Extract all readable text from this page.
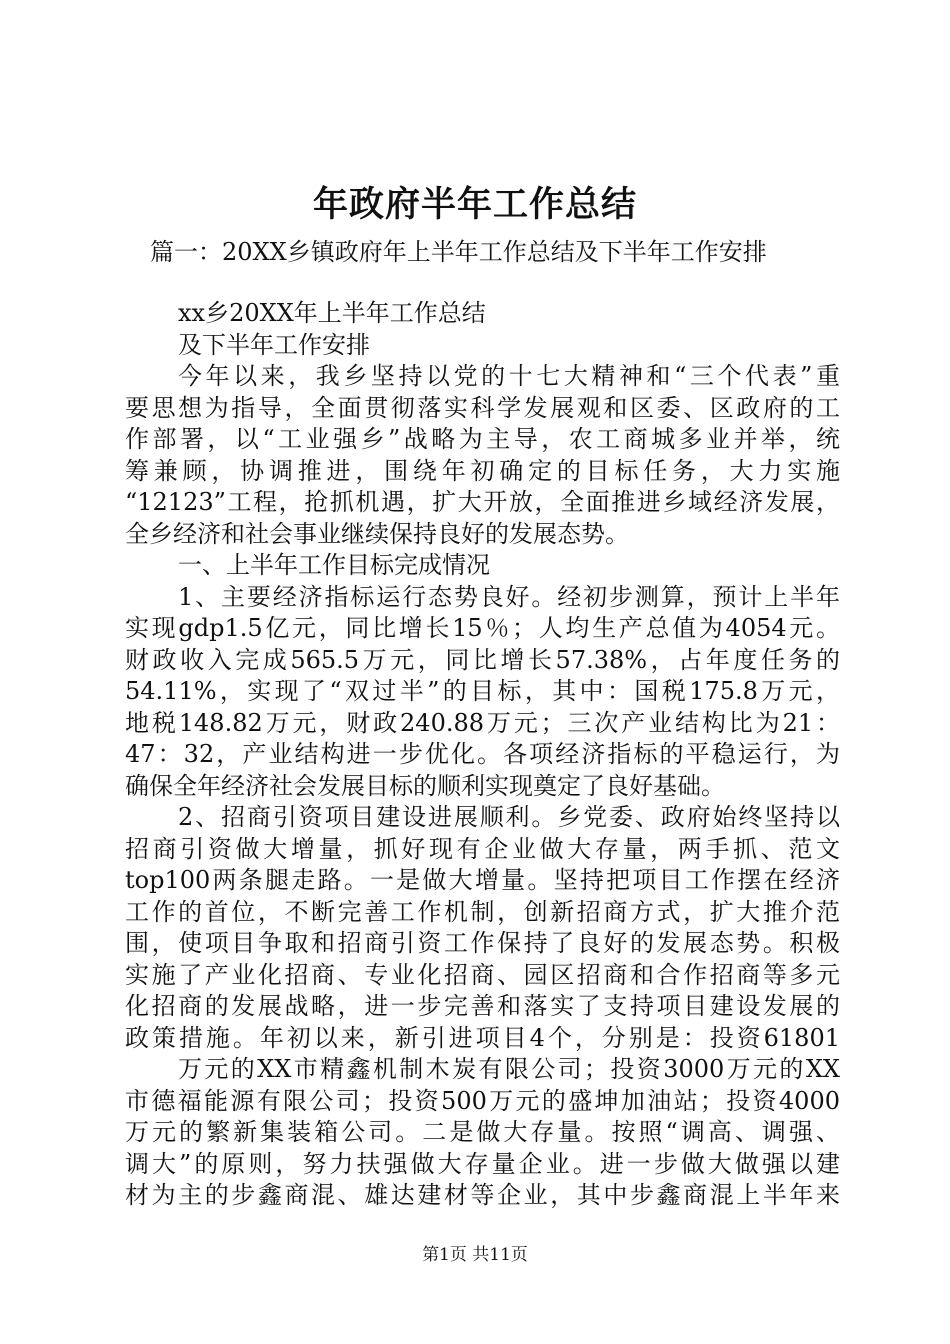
年政府半年工作总结
篇一：20XX乡镇政府年上半年工作总结及下半年工作安排
xx乡20XX年上半年工作总结
及下半年工作安排
今年以来，我乡坚持以党的十七大精神和“三个代表”重
要思想为指导，全面贯彻落实科学发展观和区委、区政府的工
作部署，以“工业强乡”战略为主导，农工商城多业并举，统
筹兼顾，协调推进，围绕年初确定的目标任务，大力实施
“12123”工程，抢抓机遇，扩大开放，全面推进乡域经济发展，
全乡经济和社会事业继续保持良好的发展态势。
一、上半年工作目标完成情况
1、主要经济指标运行态势良好。经初步测算，预计上半年
实现gdp1.5亿元，同比增长15％；人均生产总值为4054元。
财政收入完成565.5万元，同比增长57.38%，占年度任务的
54.11%，实现了“双过半”的目标，其中：国税175.8万元，
地税148.82万元，财政240.88万元；三次产业结构比为21：
47：32，产业结构进一步优化。各项经济指标的平稳运行，为
确保全年经济社会发展目标的顺利实现奠定了良好基础。
2、招商引资项目建设进展顺利。乡党委、政府始终坚持以
招商引资做大增量，抓好现有企业做大存量，两手抓、范文
top100两条腿走路。一是做大增量。坚持把项目工作摆在经济
工作的首位，不断完善工作机制，创新招商方式，扩大推介范
围，使项目争取和招商引资工作保持了良好的发展态势。积极
实施了产业化招商、专业化招商、园区招商和合作招商等多元
化招商的发展战略，进一步完善和落实了支持项目建设发展的
政策措施。年初以来，新引进项目4个，分别是：投资61801
万元的XX市精鑫机制木炭有限公司；投资3000万元的XX
市德福能源有限公司；投资500万元的盛坤加油站；投资4000
万元的繁新集装箱公司。二是做大存量。按照“调高、调强、
调大”的原则，努力扶强做大存量企业。进一步做大做强以建
材为主的步鑫商混、雄达建材等企业，其中步鑫商混上半年来
第1页 共11页
